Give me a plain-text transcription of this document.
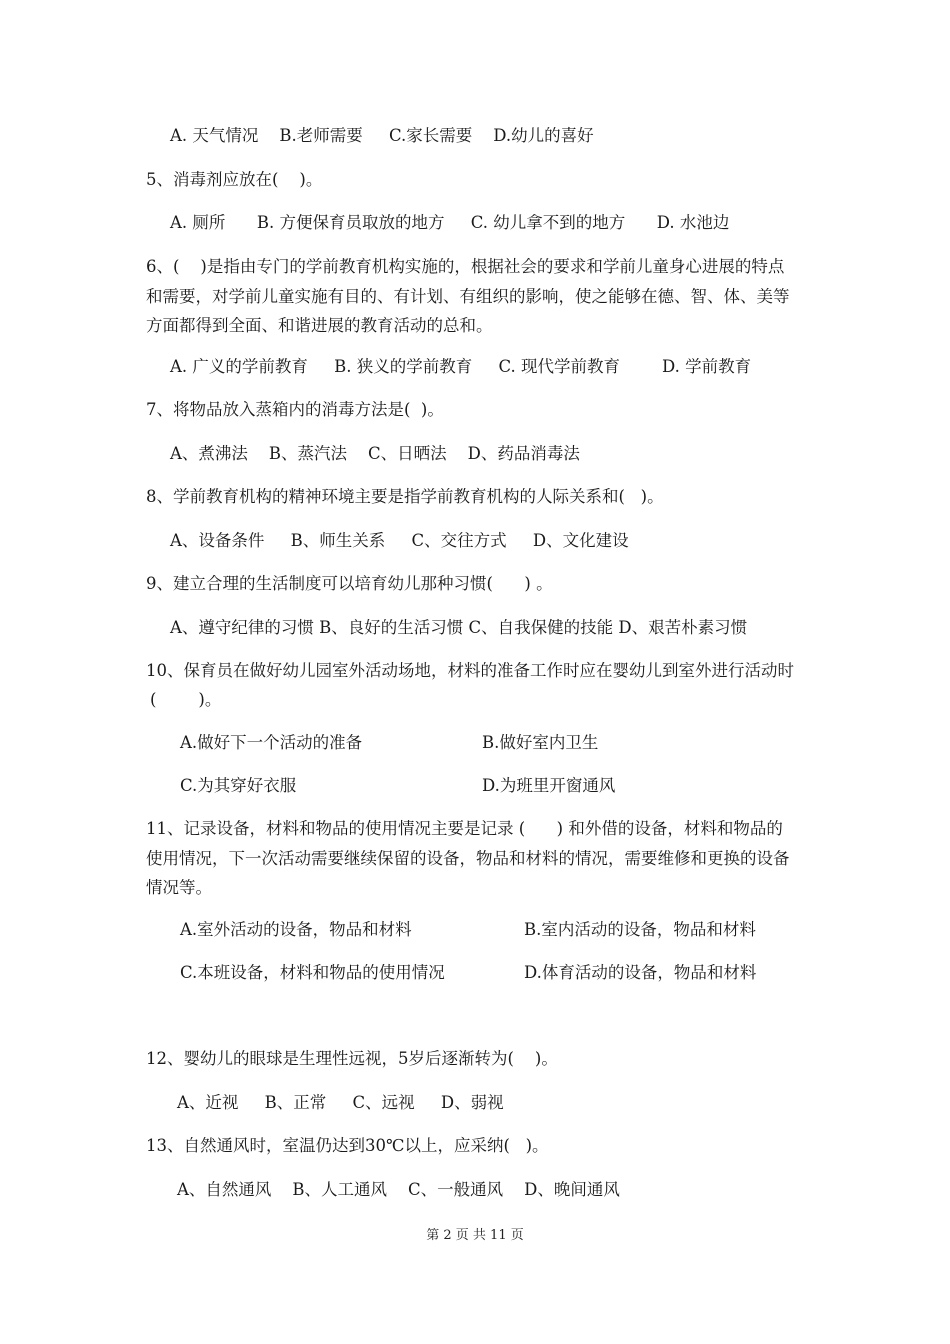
A. 天气情况    B.老师需要     C.家长需要    D.幼儿的喜好
5、消毒剂应放在(    )。
A. 厕所      B. 方便保育员取放的地方     C. 幼儿拿不到的地方      D. 水池边
6、(    )是指由专门的学前教育机构实施的，根据社会的要求和学前儿童身心进展的特点
和需要，对学前儿童实施有目的、有计划、有组织的影响，使之能够在德、智、体、美等
方面都得到全面、和谐进展的教育活动的总和。
A. 广义的学前教育     B. 狭义的学前教育     C. 现代学前教育        D. 学前教育
7、将物品放入蒸箱内的消毒方法是(  )。
A、煮沸法    B、蒸汽法    C、日晒法    D、药品消毒法
8、学前教育机构的精神环境主要是指学前教育机构的人际关系和(   )。
A、设备条件     B、师生关系     C、交往方式     D、文化建设
9、建立合理的生活制度可以培育幼儿那种习惯(      ) 。
A、遵守纪律的习惯 B、良好的生活习惯 C、自我保健的技能 D、艰苦朴素习惯
10、保育员在做好幼儿园室外活动场地，材料的准备工作时应在婴幼儿到室外进行活动时
(        )。
A.做好下一个活动的准备	B.做好室内卫生
C.为其穿好衣服	D.为班里开窗通风
11、记录设备，材料和物品的使用情况主要是记录 (      ) 和外借的设备，材料和物品的
使用情况，下一次活动需要继续保留的设备，物品和材料的情况，需要维修和更换的设备
情况等。
A.室外活动的设备，物品和材料	B.室内活动的设备，物品和材料
C.本班设备，材料和物品的使用情况	D.体育活动的设备，物品和材料
12、婴幼儿的眼球是生理性远视，5岁后逐渐转为(    )。
A、近视     B、正常     C、远视     D、弱视
13、自然通风时，室温仍达到30℃以上，应采纳(   )。
A、自然通风    B、人工通风    C、一般通风    D、晚间通风
第 2 页 共 11 页
